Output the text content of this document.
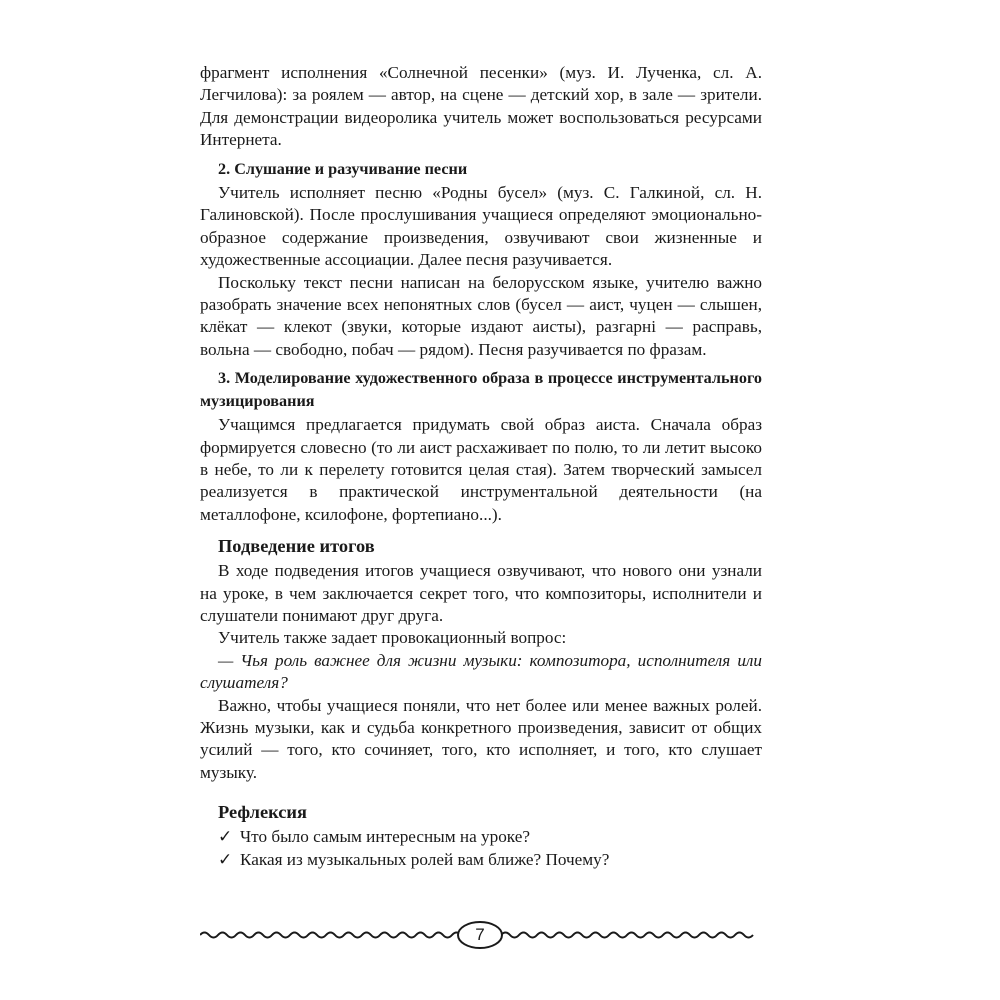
фрагмент исполнения «Солнечной песенки» (муз. И. Лученка, сл. А. Легчилова): за роялем — автор, на сцене — детский хор, в зале — зрители. Для демонстрации видеоролика учитель может воспользоваться ресурсами Интернета.

2. Слушание и разучивание песни

Учитель исполняет песню «Родны бусел» (муз. С. Галкиной, сл. Н. Галиновской). После прослушивания учащиеся определяют эмоционально-образное содержание произведения, озвучивают свои жизненные и художественные ассоциации. Далее песня разучивается.

Поскольку текст песни написан на белорусском языке, учителю важно разобрать значение всех непонятных слов (бусел — аист, чуцен — слышен, клёкат — клекот (звуки, которые издают аисты), разгарні — расправь, вольна — свободно, побач — рядом). Песня разучивается по фразам.

3. Моделирование художественного образа в процессе инструментального музицирования

Учащимся предлагается придумать свой образ аиста. Сначала образ формируется словесно (то ли аист расхаживает по полю, то ли летит высоко в небе, то ли к перелету готовится целая стая). Затем творческий замысел реализуется в практической инструментальной деятельности (на металлофоне, ксилофоне, фортепиано...).

Подведение итогов

В ходе подведения итогов учащиеся озвучивают, что нового они узнали на уроке, в чем заключается секрет того, что композиторы, исполнители и слушатели понимают друг друга.

Учитель также задает провокационный вопрос:

— Чья роль важнее для жизни музыки: композитора, исполнителя или слушателя?

Важно, чтобы учащиеся поняли, что нет более или менее важных ролей. Жизнь музыки, как и судьба конкретного произведения, зависит от общих усилий — того, кто сочиняет, того, кто исполняет, и того, кто слушает музыку.

Рефлексия
✓ Что было самым интересным на уроке?
✓ Какая из музыкальных ролей вам ближе? Почему?
7
